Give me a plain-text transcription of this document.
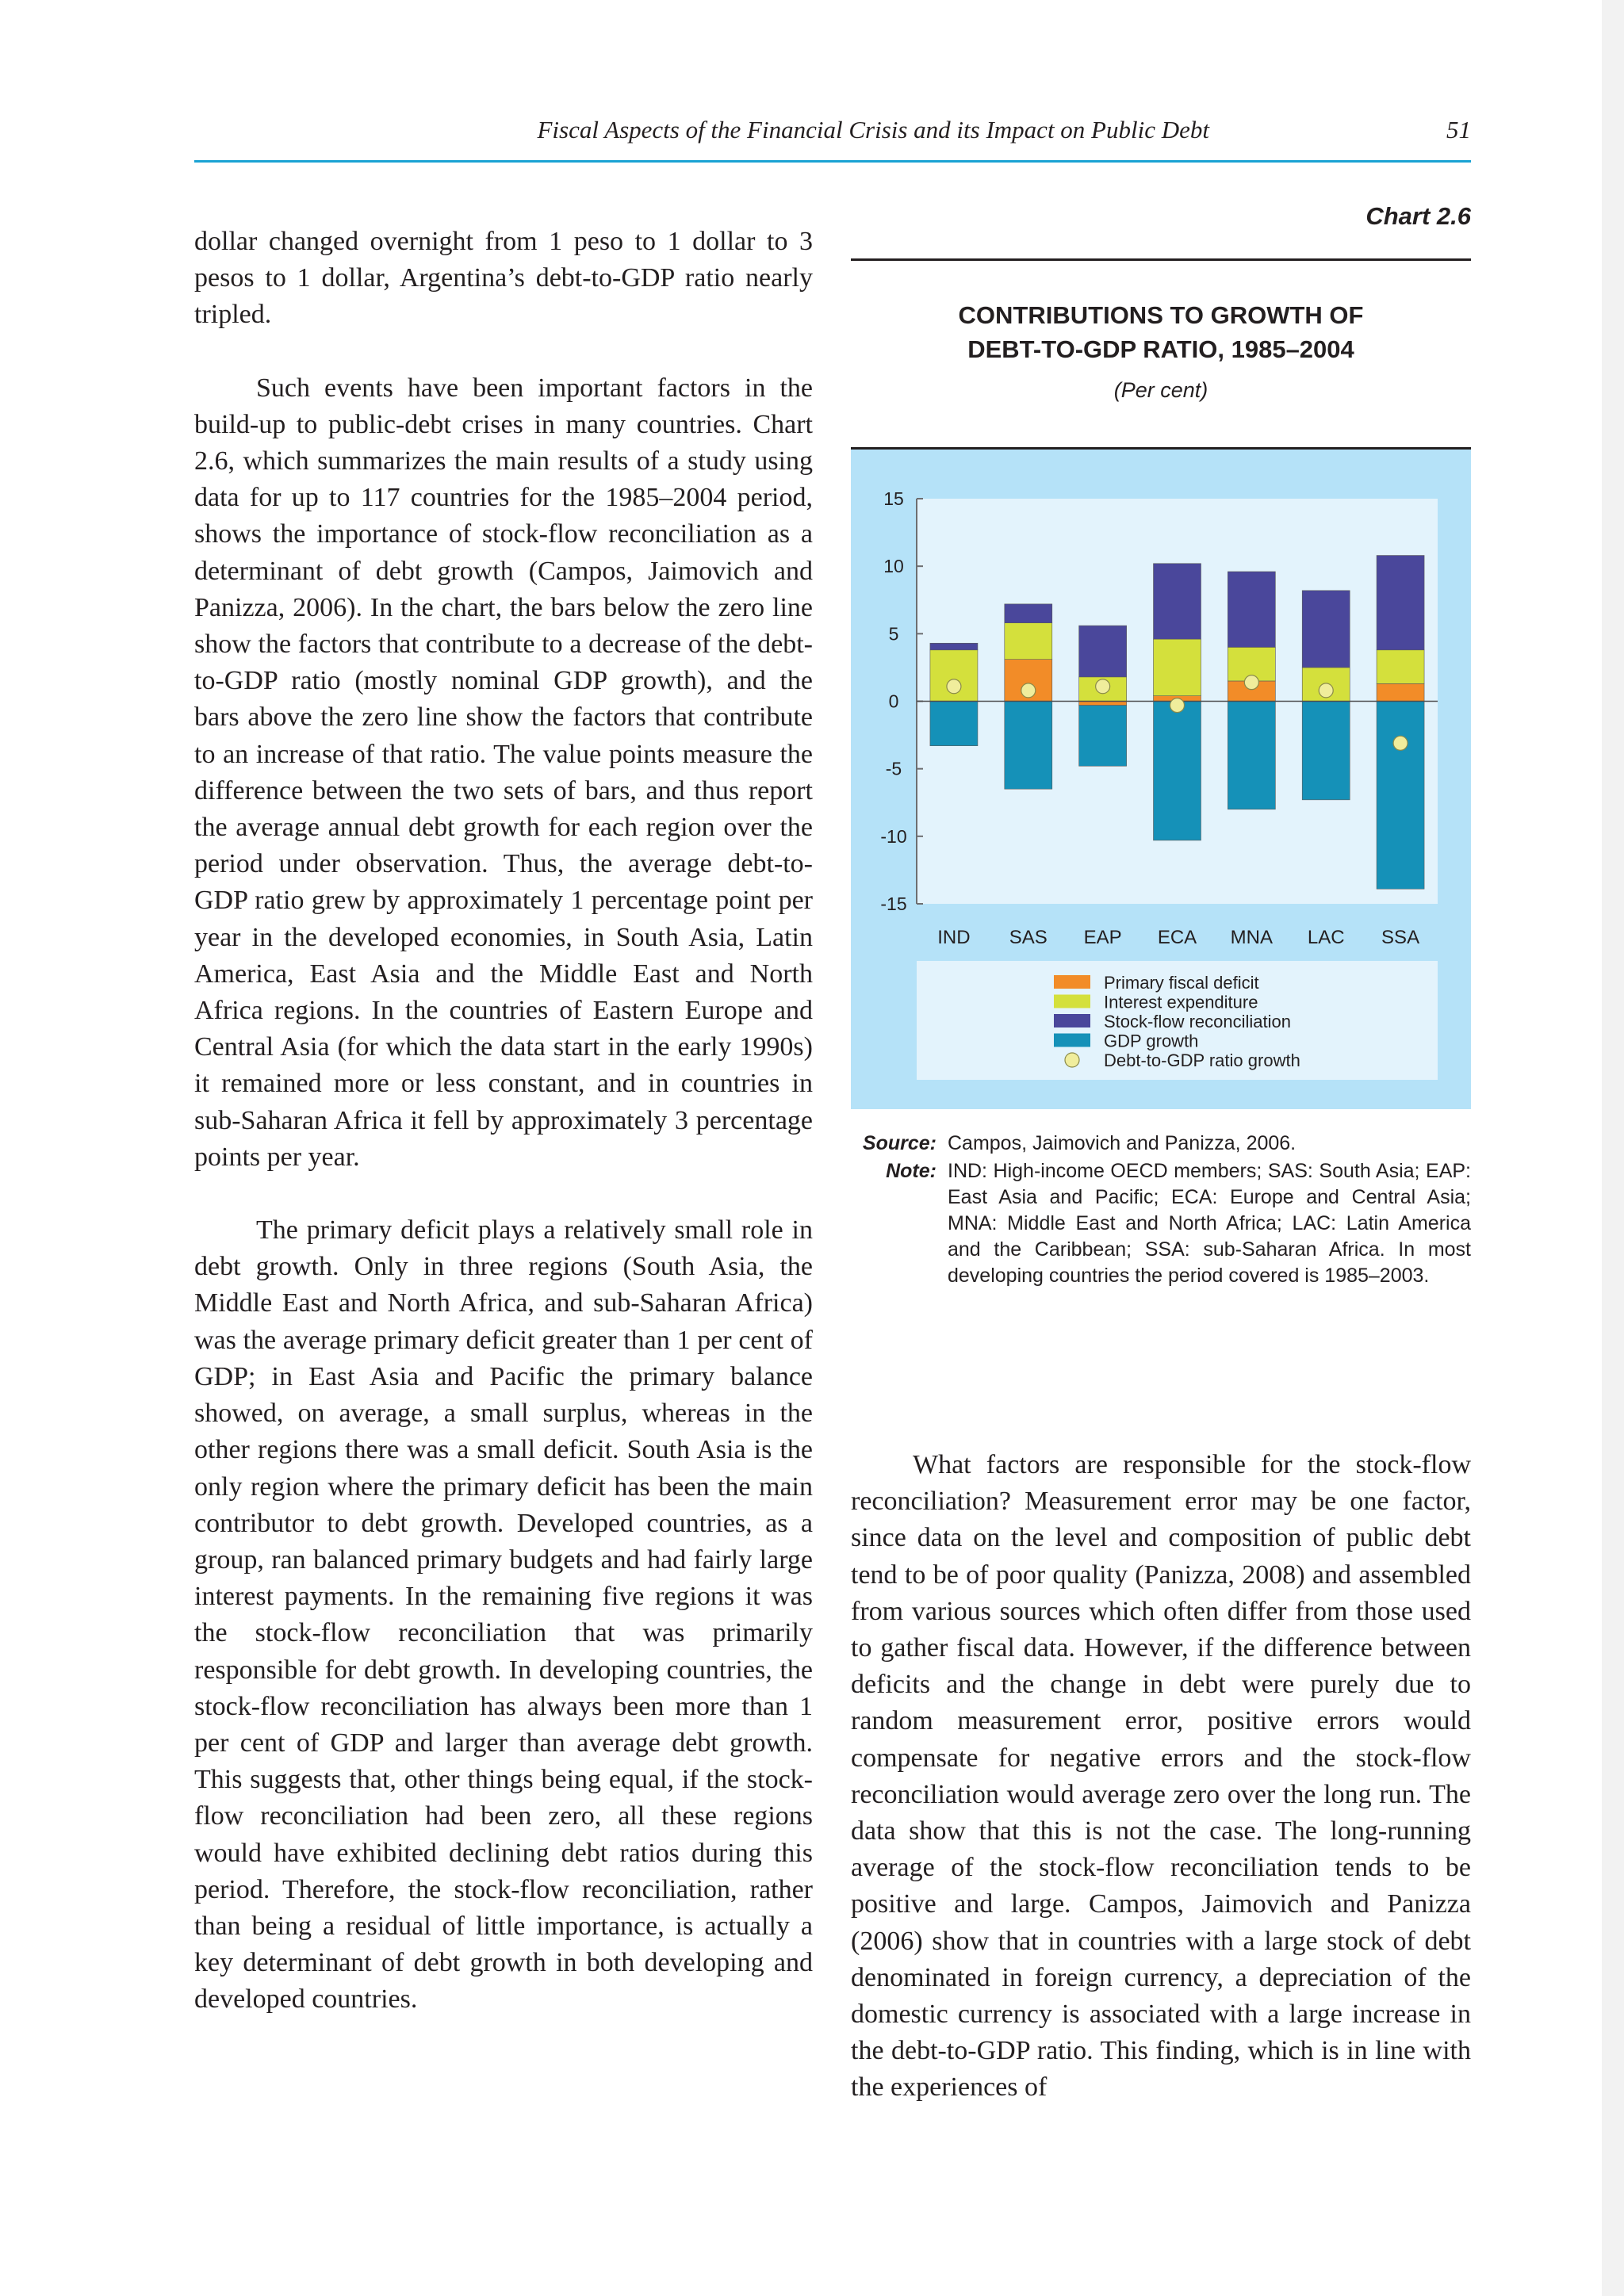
Fiscal Aspects of the Financial Crisis and its Impact on Public Debt	51

dollar changed overnight from 1 peso to 1 dollar to 3 pesos to 1 dollar, Argentina’s debt-to-GDP ratio nearly tripled.

Such events have been important factors in the build-up to public-debt crises in many countries. Chart 2.6, which summarizes the main results of a study using data for up to 117 countries for the 1985–2004 period, shows the importance of stock-flow reconciliation as a determinant of debt growth (Campos, Jaimovich and Panizza, 2006). In the chart, the bars below the zero line show the factors that contribute to a decrease of the debt-to-GDP ratio (mostly nominal GDP growth), and the bars above the zero line show the factors that contribute to an increase of that ratio. The value points measure the difference between the two sets of bars, and thus report the average annual debt growth for each region over the period under observation. Thus, the average debt-to-GDP ratio grew by approximately 1 percentage point per year in the developed economies, in South Asia, Latin America, East Asia and the Middle East and North Africa regions. In the countries of Eastern Europe and Central Asia (for which the data start in the early 1990s) it remained more or less constant, and in countries in sub-Saharan Africa it fell by approximately 3 percentage points per year.

The primary deficit plays a relatively small role in debt growth. Only in three regions (South Asia, the Middle East and North Africa, and sub-Saharan Africa) was the average primary deficit greater than 1 per cent of GDP; in East Asia and Pacific the primary balance showed, on average, a small surplus, whereas in the other regions there was a small deficit. South Asia is the only region where the primary deficit has been the main contributor to debt growth. Developed countries, as a group, ran balanced primary budgets and had fairly large interest payments. In the remaining five regions it was the stock-flow reconciliation that was primarily responsible for debt growth. In developing countries, the stock-flow reconciliation has always been more than 1 per cent of GDP and larger than average debt growth. This suggests that, other things being equal, if the stock-flow reconciliation had been zero, all these regions would have exhibited declining debt ratios during this period. Therefore, the stock-flow reconciliation, rather than being a residual of little importance, is actually a key determinant of debt growth in both developing and developed countries.

Chart 2.6
CONTRIBUTIONS TO GROWTH OF
DEBT-TO-GDP RATIO, 1985–2004
(Per cent)
15
10
5
0
-5
-10
-15
IND SAS EAP ECA MNA LAC SSA
Primary fiscal deficit
Interest expenditure
Stock-flow reconciliation
GDP growth
Debt-to-GDP ratio growth
Source: Campos, Jaimovich and Panizza, 2006.
Note: IND: High-income OECD members; SAS: South Asia; EAP: East Asia and Pacific; ECA: Europe and Central Asia; MNA: Middle East and North Africa; LAC: Latin America and the Caribbean; SSA: sub-Saharan Africa. In most developing countries the period covered is 1985–2003.

What factors are responsible for the stock-flow reconciliation? Measurement error may be one factor, since data on the level and composition of public debt tend to be of poor quality (Panizza, 2008) and assembled from various sources which often differ from those used to gather fiscal data. However, if the difference between deficits and the change in debt were purely due to random measurement error, positive errors would compensate for negative errors and the stock-flow reconciliation would average zero over the long run. The data show that this is not the case. The long-running average of the stock-flow reconciliation tends to be positive and large. Campos, Jaimovich and Panizza (2006) show that in countries with a large stock of debt denominated in foreign currency, a depreciation of the domestic currency is associated with a large increase in the debt-to-GDP ratio. This finding, which is in line with the experiences of
